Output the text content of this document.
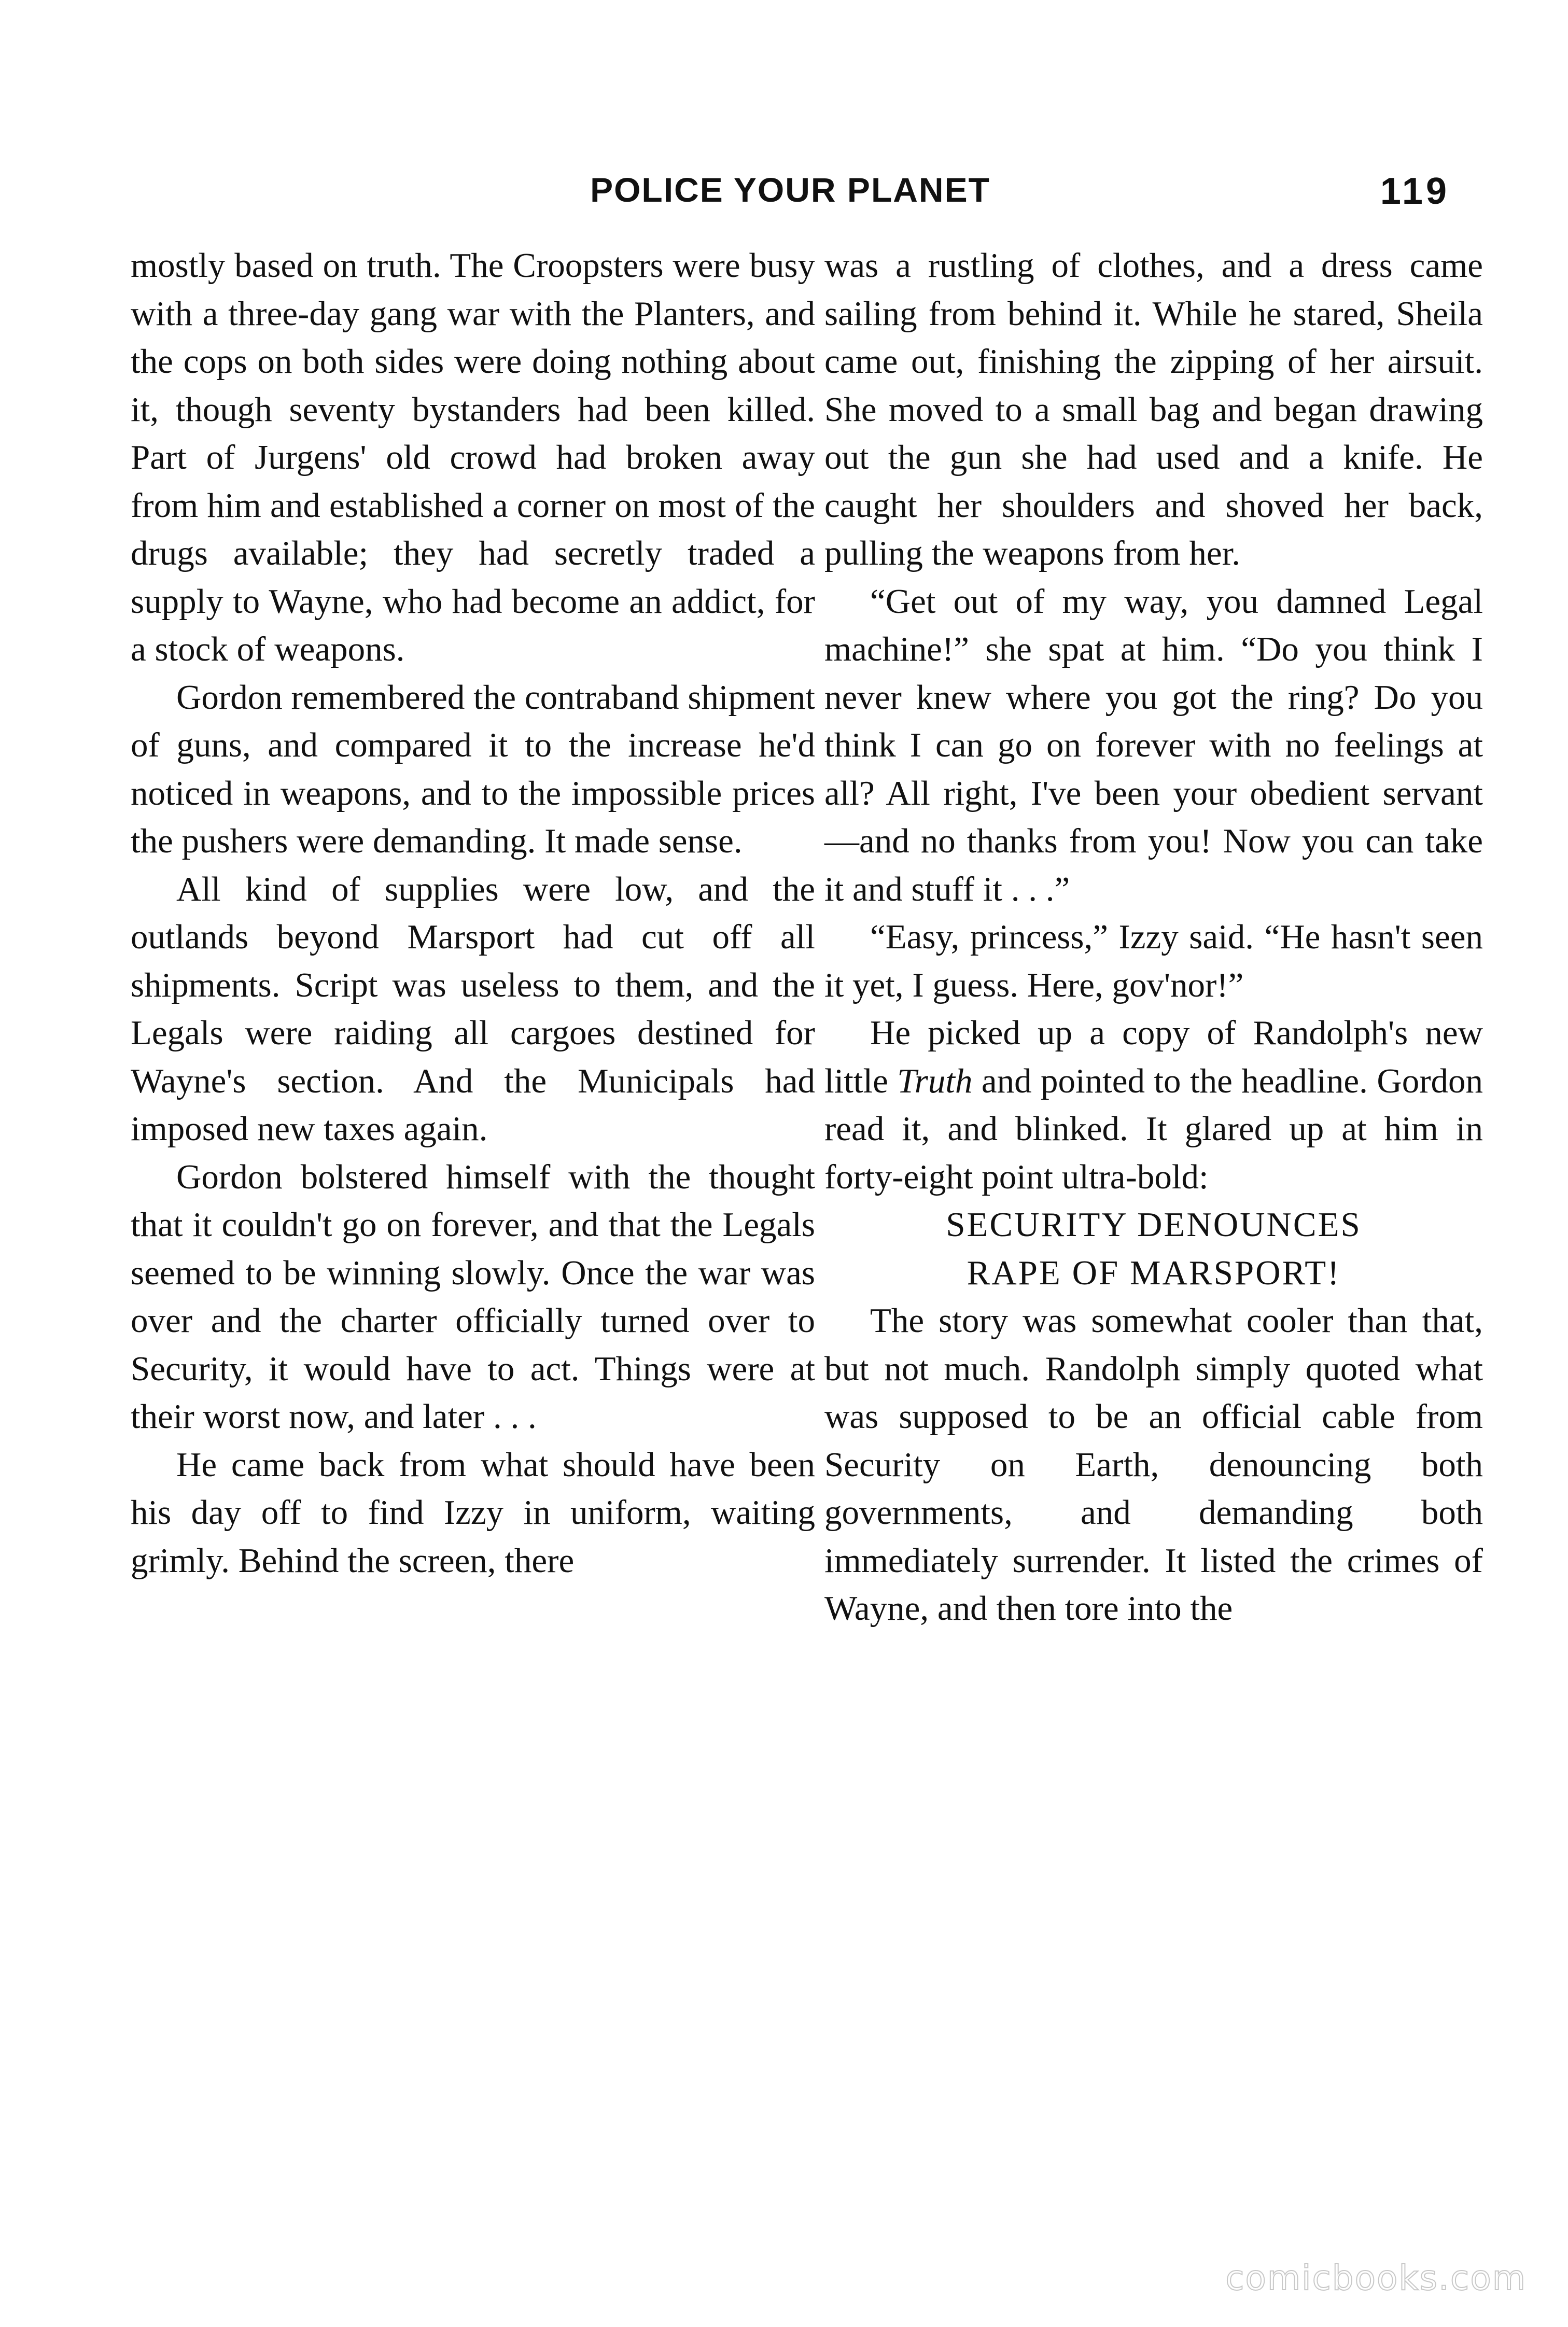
POLICE YOUR PLANET	119

mostly based on truth. The Croopsters were busy with a three-day gang war with the Planters, and the cops on both sides were doing nothing about it, though seventy bystanders had been killed. Part of Jurgens' old crowd had broken away from him and established a corner on most of the drugs available; they had secretly traded a supply to Wayne, who had become an addict, for a stock of weapons.

Gordon remembered the contraband shipment of guns, and compared it to the increase he'd noticed in weapons, and to the impossible prices the pushers were demanding. It made sense.

All kind of supplies were low, and the outlands beyond Marsport had cut off all shipments. Script was useless to them, and the Legals were raiding all cargoes destined for Wayne's section. And the Municipals had imposed new taxes again.

Gordon bolstered himself with the thought that it couldn't go on forever, and that the Legals seemed to be winning slowly. Once the war was over and the charter officially turned over to Security, it would have to act. Things were at their worst now, and later . . .

He came back from what should have been his day off to find Izzy in uniform, waiting grimly. Behind the screen, there

was a rustling of clothes, and a dress came sailing from behind it. While he stared, Sheila came out, finishing the zipping of her airsuit. She moved to a small bag and began drawing out the gun she had used and a knife. He caught her shoulders and shoved her back, pulling the weapons from her.

“Get out of my way, you damned Legal machine!” she spat at him. “Do you think I never knew where you got the ring? Do you think I can go on forever with no feelings at all? All right, I've been your obedient servant—and no thanks from you! Now you can take it and stuff it . . .”

“Easy, princess,” Izzy said. “He hasn't seen it yet, I guess. Here, gov'nor!”

He picked up a copy of Randolph's new little Truth and pointed to the headline. Gordon read it, and blinked. It glared up at him in forty-eight point ultra-bold:

SECURITY DENOUNCES

RAPE OF MARSPORT!

The story was somewhat cooler than that, but not much. Randolph simply quoted what was supposed to be an official cable from Security on Earth, denouncing both governments, and demanding both immediately surrender. It listed the crimes of Wayne, and then tore into the

comicbooks.com
